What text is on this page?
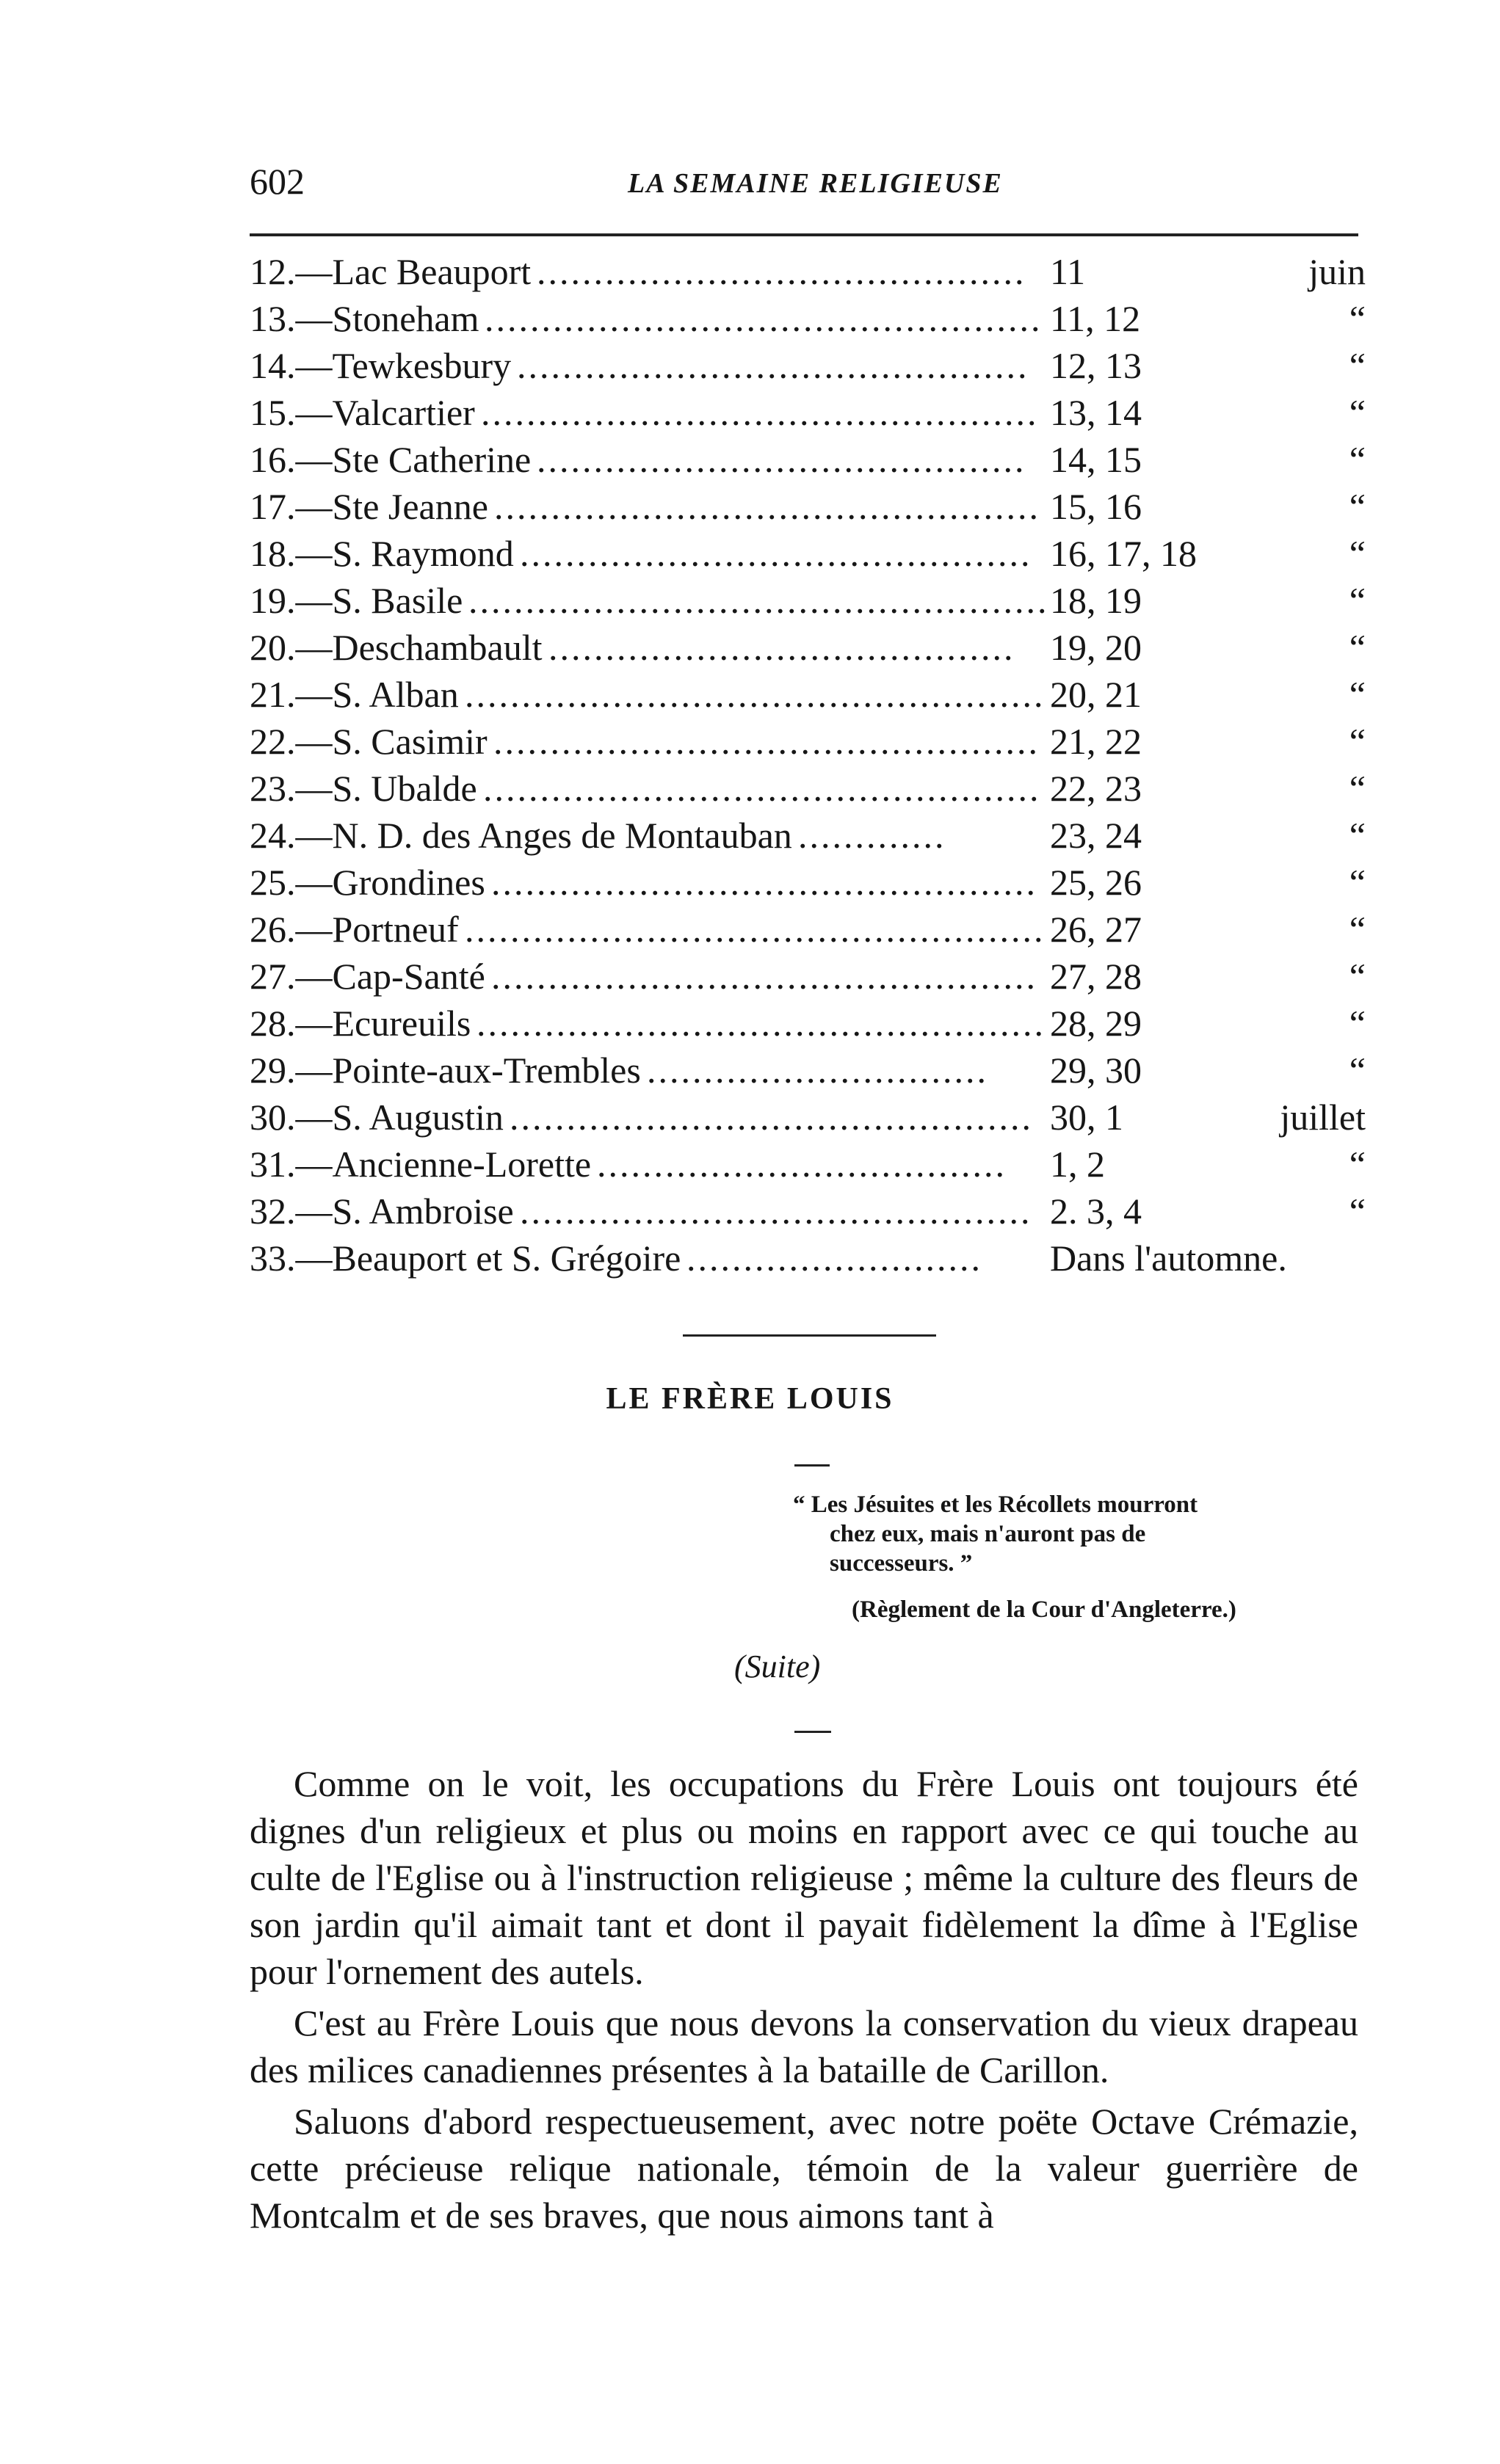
602	LA SEMAINE RELIGIEUSE
12.—Lac Beauport ........................................... 11	juin
13.—Stoneham ................................................. 11, 12	“
14.—Tewkesbury ............................................. 12, 13	“
15.—Valcartier ................................................. 13, 14	“
16.—Ste Catherine ........................................... 14, 15	“
17.—Ste Jeanne ................................................ 15, 16	“
18.—S. Raymond ............................................. 16, 17, 18	“
19.—S. Basile ................................................... 18, 19	“
20.—Deschambault ......................................... 19, 20	“
21.—S. Alban ................................................... 20, 21	“
22.—S. Casimir ................................................ 21, 22	“
23.—S. Ubalde ................................................. 22, 23	“
24.—N. D. des Anges de Montauban .............	23, 24	“
25.—Grondines ................................................ 25, 26	“
26.—Portneuf ................................................... 26, 27	“
27.—Cap-Santé ................................................ 27, 28	“
28.—Ecureuils .................................................. 28, 29	“
29.—Pointe-aux-Trembles .............................. 29, 30	“
30.—S. Augustin .............................................. 30, 1	juillet
31.—Ancienne-Lorette .................................... 1, 2	“
32.—S. Ambroise ............................................. 2. 3, 4	“
33.—Beauport et S. Grégoire .......................... Dans l'automne.
LE FRÈRE LOUIS
“ Les Jésuites et les Récollets mourront
chez eux, mais n'auront pas de
successeurs. ”
(Règlement de la Cour d'Angleterre.)
(Suite)

Comme on le voit, les occupations du Frère Louis ont toujours été dignes d'un religieux et plus ou moins en rapport avec ce qui touche au culte de l'Eglise ou à l'instruction religieuse ; même la culture des fleurs de son jardin qu'il aimait tant et dont il payait fidèlement la dîme à l'Eglise pour l'ornement des autels.

C'est au Frère Louis que nous devons la conservation du vieux drapeau des milices canadiennes présentes à la bataille de Carillon.

Saluons d'abord respectueusement, avec notre poëte Octave Crémazie, cette précieuse relique nationale, témoin de la valeur guerrière de Montcalm et de ses braves, que nous aimons tant à
